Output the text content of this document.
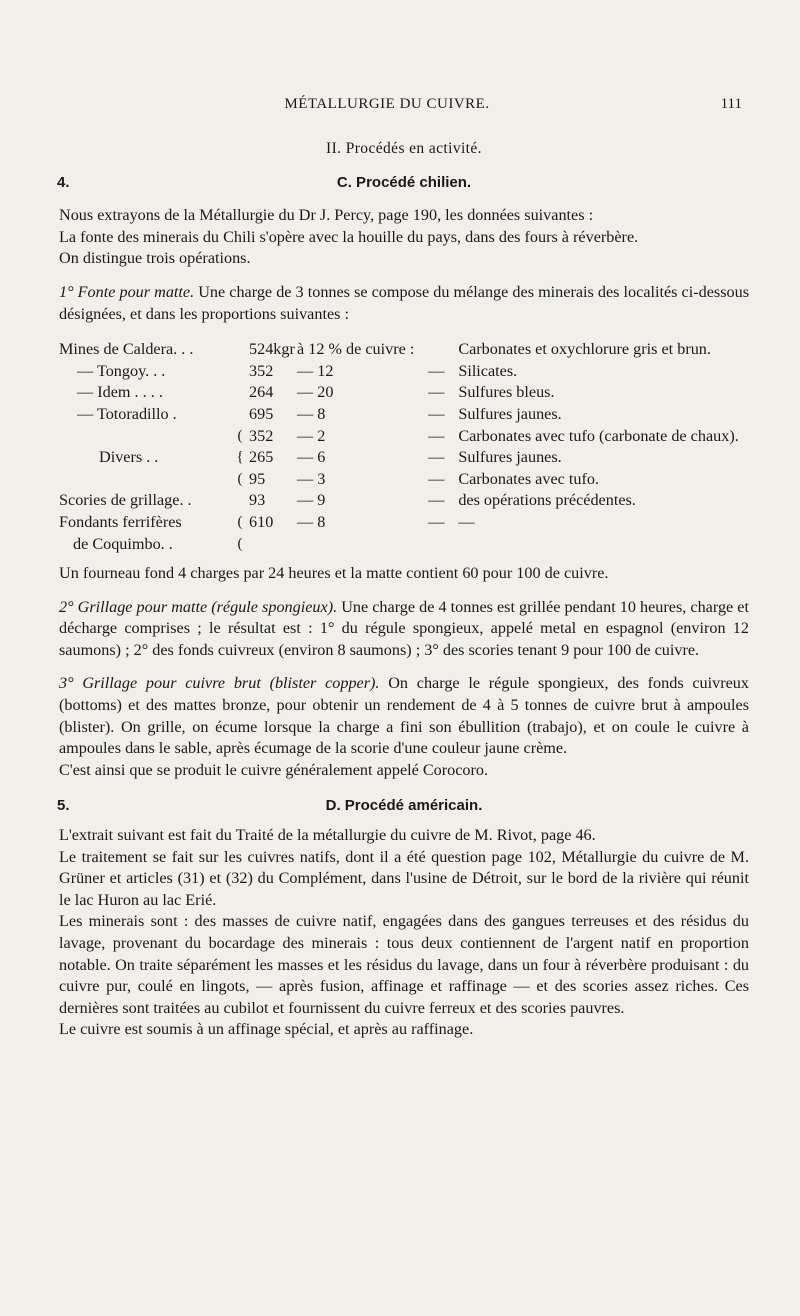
MÉTALLURGIE DU CUIVRE.	111

II. Procédés en activité.

4.	C. Procédé chilien.

Nous extrayons de la Métallurgie du Dr J. Percy, page 190, les données suivantes :

La fonte des minerais du Chili s'opère avec la houille du pays, dans des fours à réverbère.

On distingue trois opérations.

1° Fonte pour matte. Une charge de 3 tonnes se compose du mélange des minerais des localités ci-dessous désignées, et dans les proportions suivantes :

Mines de Caldera. . .		524kgr	à 12 % de cuivre :		Carbonates et oxychlorure gris et brun.
— Tongoy. . .		352	— 12	—	Silicates.
— Idem . . . .		264	— 20	—	Sulfures bleus.
— Totoradillo .		695	— 8	—	Sulfures jaunes.
	(	352	— 2	—	Carbonates avec tufo (carbonate de chaux).
Divers . .	{	265	— 6	—	Sulfures jaunes.
	(	95	— 3	—	Carbonates avec tufo.
Scories de grillage. .		93	— 9	—	des opérations précédentes.
Fondants ferrifères	(	610	— 8	—	—
de Coquimbo. .	(				

Un fourneau fond 4 charges par 24 heures et la matte contient 60 pour 100 de cuivre.

2° Grillage pour matte (régule spongieux). Une charge de 4 tonnes est grillée pendant 10 heures, charge et décharge comprises ; le résultat est : 1° du régule spongieux, appelé metal en espagnol (environ 12 saumons) ; 2° des fonds cuivreux (environ 8 saumons) ; 3° des scories tenant 9 pour 100 de cuivre.

3° Grillage pour cuivre brut (blister copper). On charge le régule spongieux, des fonds cuivreux (bottoms) et des mattes bronze, pour obtenir un rendement de 4 à 5 tonnes de cuivre brut à ampoules (blister). On grille, on écume lorsque la charge a fini son ébullition (trabajo), et on coule le cuivre à ampoules dans le sable, après écumage de la scorie d'une couleur jaune crème.

C'est ainsi que se produit le cuivre généralement appelé Corocoro.

5.	D. Procédé américain.

L'extrait suivant est fait du Traité de la métallurgie du cuivre de M. Rivot, page 46.

Le traitement se fait sur les cuivres natifs, dont il a été question page 102, Métallurgie du cuivre de M. Grüner et articles (31) et (32) du Complément, dans l'usine de Détroit, sur le bord de la rivière qui réunit le lac Huron au lac Erié.

Les minerais sont : des masses de cuivre natif, engagées dans des gangues terreuses et des résidus du lavage, provenant du bocardage des minerais : tous deux contiennent de l'argent natif en proportion notable. On traite séparément les masses et les résidus du lavage, dans un four à réverbère produisant : du cuivre pur, coulé en lingots, — après fusion, affinage et raffinage — et des scories assez riches. Ces dernières sont traitées au cubilot et fournissent du cuivre ferreux et des scories pauvres.

Le cuivre est soumis à un affinage spécial, et après au raffinage.
